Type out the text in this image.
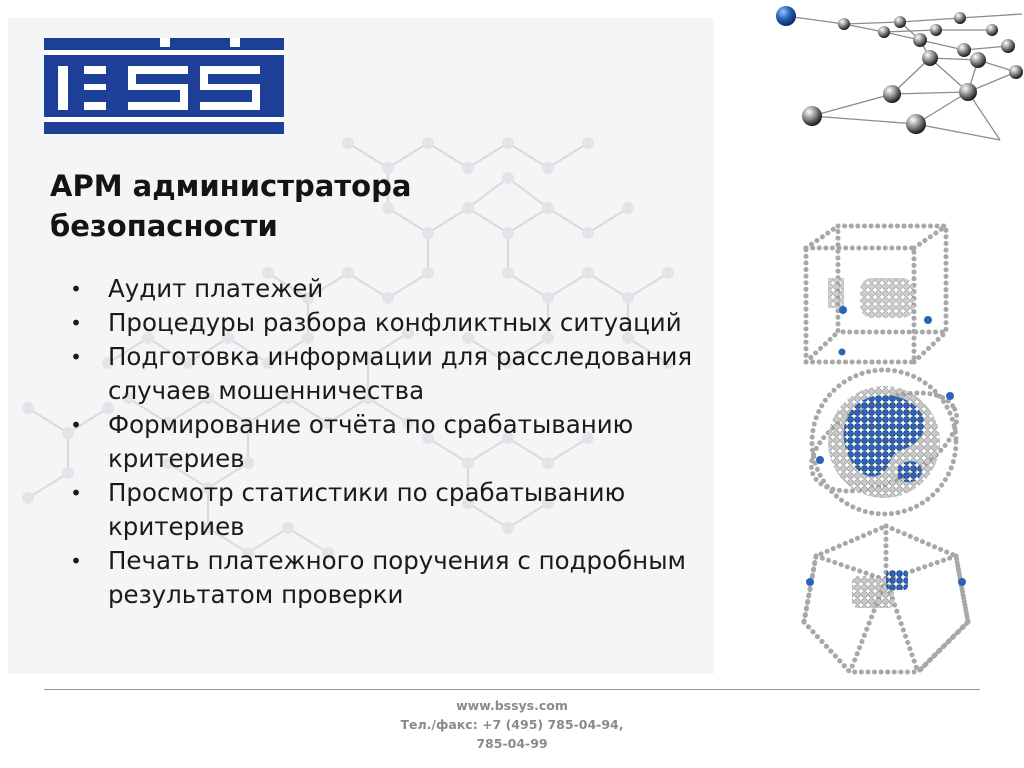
АРМ администратора
безопасности
• Аудит платежей
• Процедуры разбора конфликтных ситуаций
• Подготовка информации для расследования
случаев мошенничества
• Формирование отчёта по срабатыванию
критериев
• Просмотр статистики по срабатыванию
критериев
• Печать платежного поручения с подробным
результатом проверки
www.bssys.com
Тел./факс: +7 (495) 785-04-94,
785-04-99
